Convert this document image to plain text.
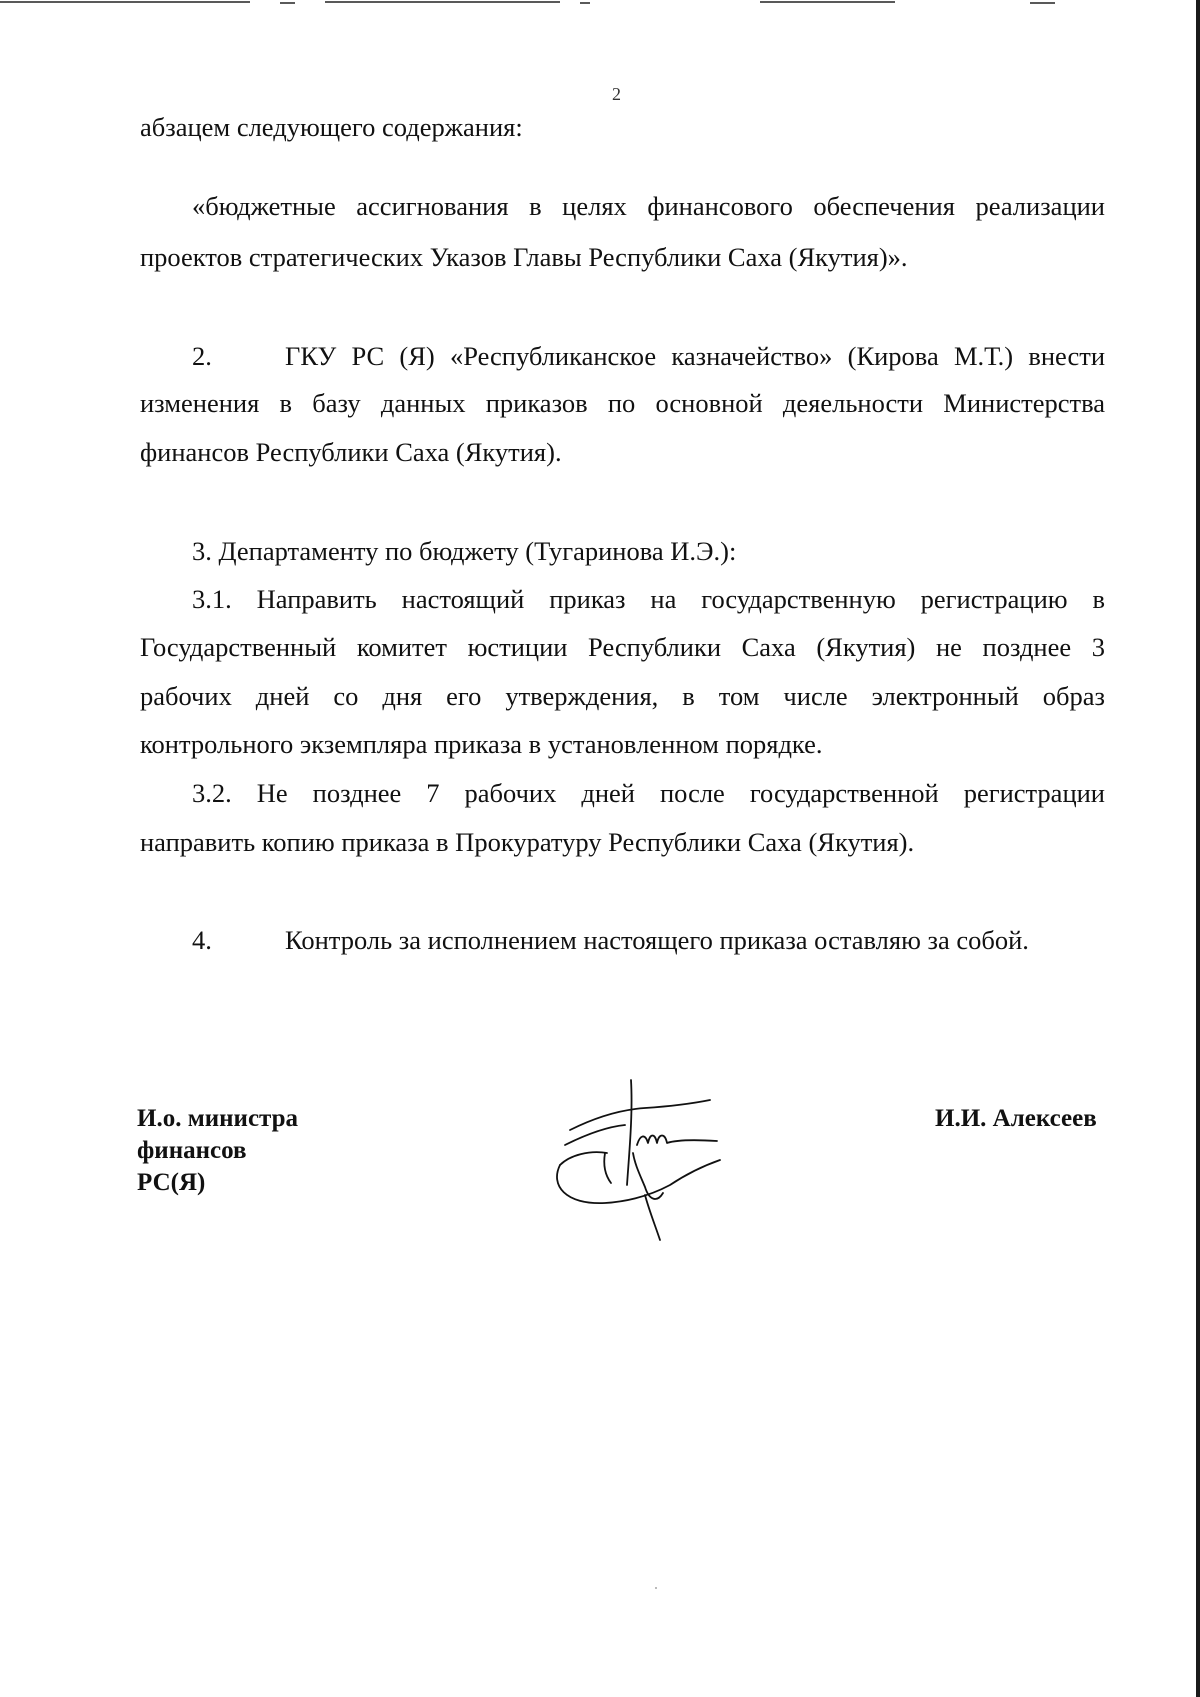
2
абзацем следующего содержания:
«бюджетные ассигнования в целях финансового обеспечения реализации
проектов стратегических Указов Главы Республики Саха (Якутия)».
2.	ГКУ РС (Я) «Республиканское казначейство» (Кирова М.Т.) внести
изменения в базу данных приказов по основной деяельности Министерства
финансов Республики Саха (Якутия).
3. Департаменту по бюджету (Тугаринова И.Э.):
3.1. Направить настоящий приказ на государственную регистрацию в
Государственный комитет юстиции Республики Саха (Якутия) не позднее 3
рабочих дней со дня его утверждения, в том числе электронный образ
контрольного экземпляра приказа в установленном порядке.
3.2. Не позднее 7 рабочих дней после государственной регистрации
направить копию приказа в Прокуратуру Республики Саха (Якутия).
4.	Контроль за исполнением настоящего приказа оставляю за собой.
И.о. министра
финансов
РС(Я)
И.И. Алексеев
